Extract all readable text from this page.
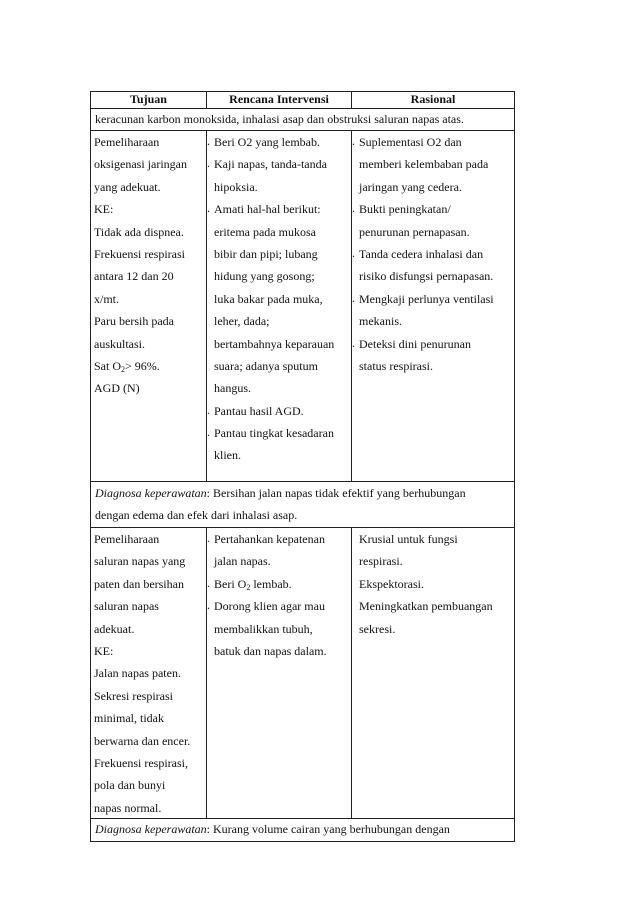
Tujuan	Rencana Intervensi	Rasional
keracunan karbon monoksida, inhalasi asap dan obstruksi saluran napas atas.
Pemeliharaan
oksigenasi jaringan
yang adekuat.
KE:
Tidak ada dispnea.
Frekuensi respirasi
antara 12 dan 20
x/mt.
Paru bersih pada
auskultasi.
Sat $O_2> 96\%$.
AGD (N)
. Beri O2 yang lembab.
. Kaji napas, tanda-tanda
hipoksia.
. Amati hal-hal berikut:
eritema pada mukosa
bibir dan pipi; lubang
hidung yang gosong;
luka bakar pada muka,
leher, dada;
bertambahnya keparauan
suara; adanya sputum
hangus.
. Pantau hasil AGD.
. Pantau tingkat kesadaran
klien.
. Suplementasi O2 dan
memberi kelembaban pada
jaringan yang cedera.
. Bukti peningkatan/
penurunan pernapasan.
. Tanda cedera inhalasi dan
risiko disfungsi pernapasan.
. Mengkaji perlunya ventilasi
mekanis.
. Deteksi dini penurunan
status respirasi.
Diagnosa keperawatan: Bersihan jalan napas tidak efektif yang berhubungan
dengan edema dan efek dari inhalasi asap.
Pemeliharaan
saluran napas yang
paten dan bersihan
saluran napas
adekuat.
KE:
Jalan napas paten.
Sekresi respirasi
minimal, tidak
berwarna dan encer.
Frekuensi respirasi,
pola dan bunyi
napas normal.
. Pertahankan kepatenan
jalan napas.
. Beri $O_2$ lembab.
. Dorong klien agar mau
membalikkan tubuh,
batuk dan napas dalam.
Krusial untuk fungsi
respirasi.
Ekspektorasi.
Meningkatkan pembuangan
sekresi.
Diagnosa keperawatan: Kurang volume cairan yang berhubungan dengan
